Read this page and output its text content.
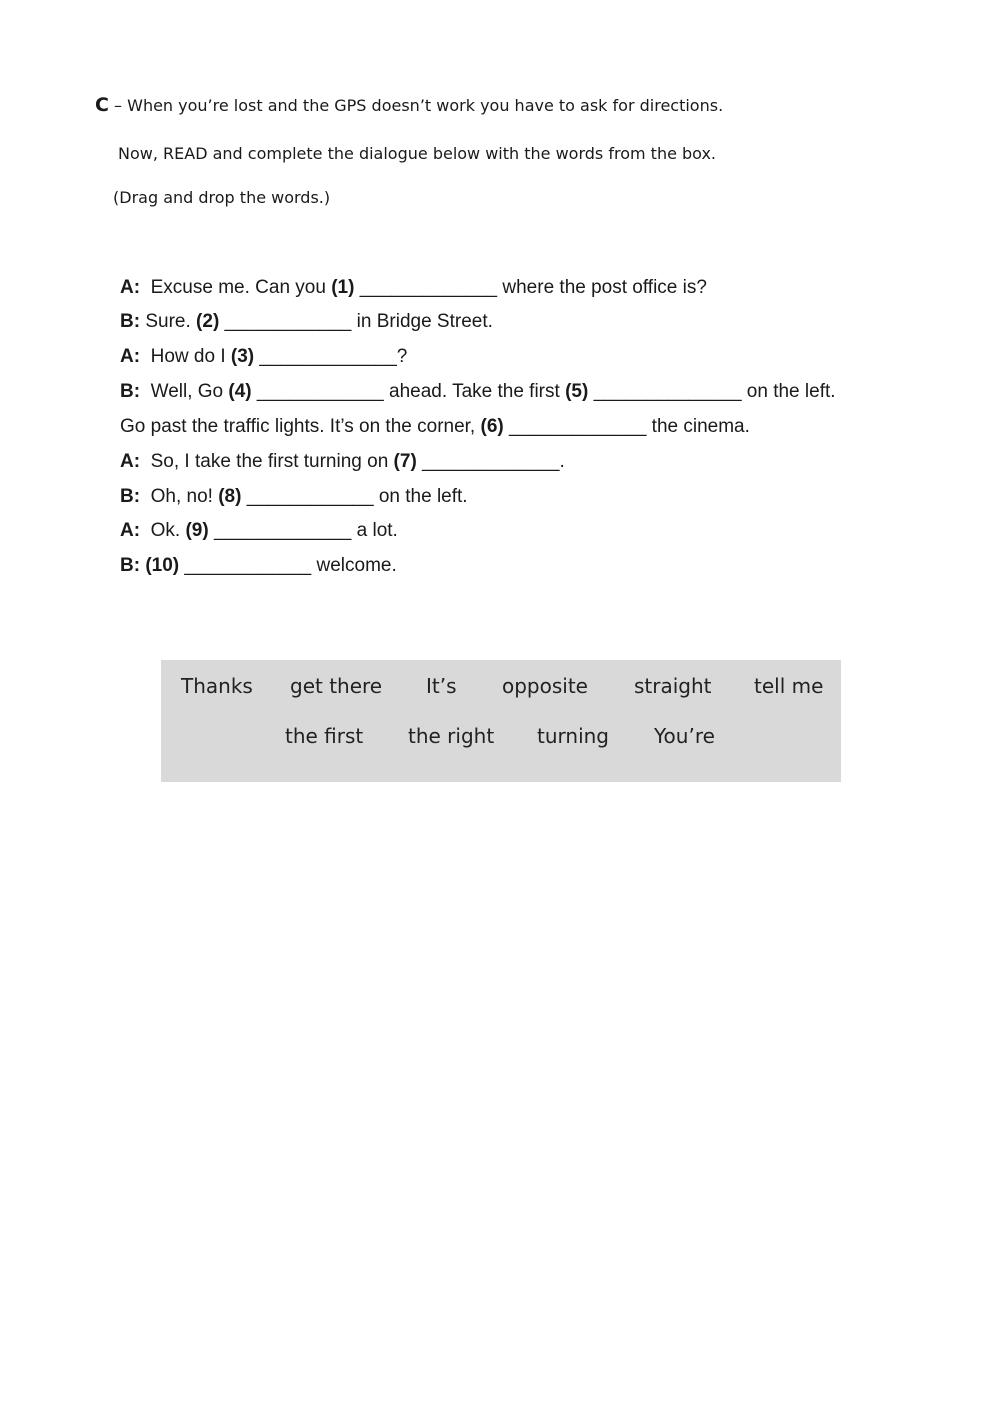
C – When you’re lost and the GPS doesn’t work you have to ask for directions.
Now, READ and complete the dialogue below with the words from the box.
(Drag and drop the words.)
A: Excuse me. Can you (1) _____________ where the post office is?
B: Sure. (2) ____________ in Bridge Street.
A: How do I (3) _____________?
B: Well, Go (4) ____________ ahead. Take the first (5) ______________ on the left.
Go past the traffic lights. It’s on the corner, (6) _____________ the cinema.
A: So, I take the first turning on (7) _____________.
B: Oh, no! (8) ____________ on the left.
A: Ok. (9) _____________ a lot.
B: (10) ____________ welcome.
Thanks get there It’s opposite straight tell me
the first the right turning You’re
